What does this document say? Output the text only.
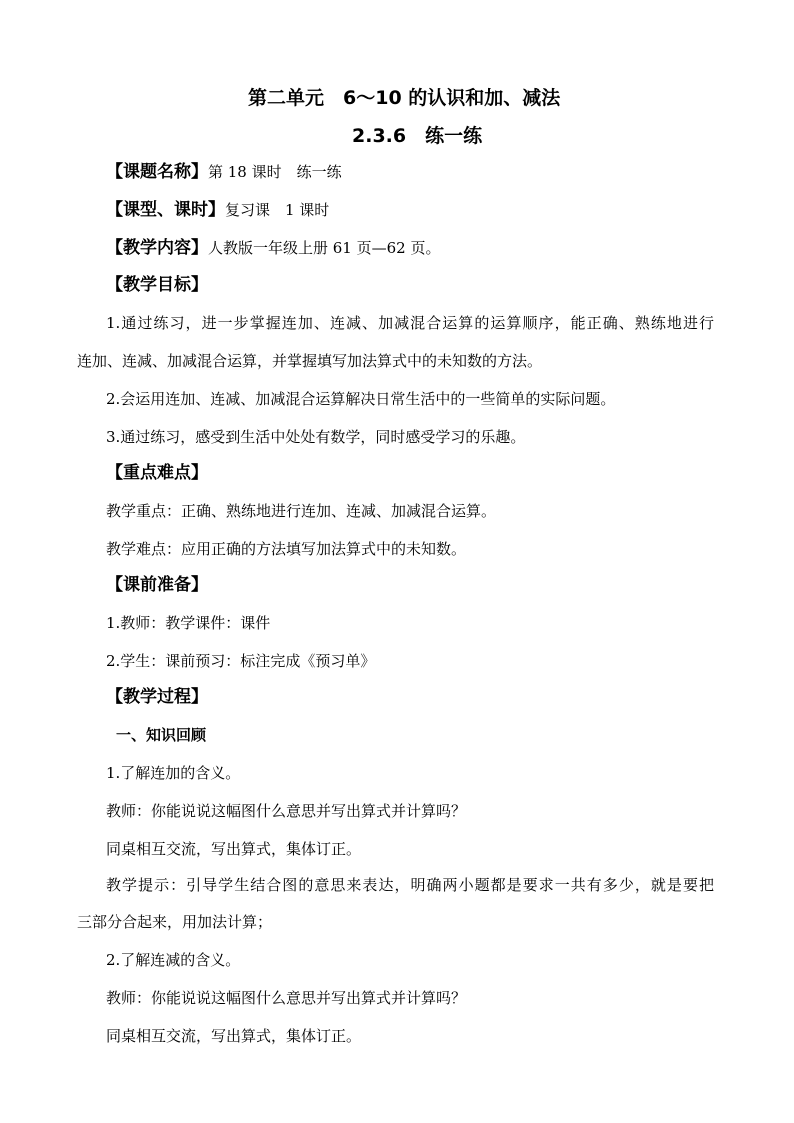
第二单元　6～10 的认识和加、减法
2.3.6　练一练
【课题名称】第 18 课时　练一练
【课型、课时】复习课　1 课时
【教学内容】人教版一年级上册 61 页—62 页。
【教学目标】
1.通过练习，进一步掌握连加、连减、加减混合运算的运算顺序，能正确、熟练地进行
连加、连减、加减混合运算，并掌握填写加法算式中的未知数的方法。
2.会运用连加、连减、加减混合运算解决日常生活中的一些简单的实际问题。
3.通过练习，感受到生活中处处有数学，同时感受学习的乐趣。
【重点难点】
教学重点：正确、熟练地进行连加、连减、加减混合运算。
教学难点：应用正确的方法填写加法算式中的未知数。
【课前准备】
1.教师：教学课件：课件
2.学生：课前预习：标注完成《预习单》
【教学过程】
一、知识回顾
1.了解连加的含义。
教师：你能说说这幅图什么意思并写出算式并计算吗？
同桌相互交流，写出算式，集体订正。
教学提示：引导学生结合图的意思来表达，明确两小题都是要求一共有多少，就是要把
三部分合起来，用加法计算；
2.了解连减的含义。
教师：你能说说这幅图什么意思并写出算式并计算吗？
同桌相互交流，写出算式，集体订正。
